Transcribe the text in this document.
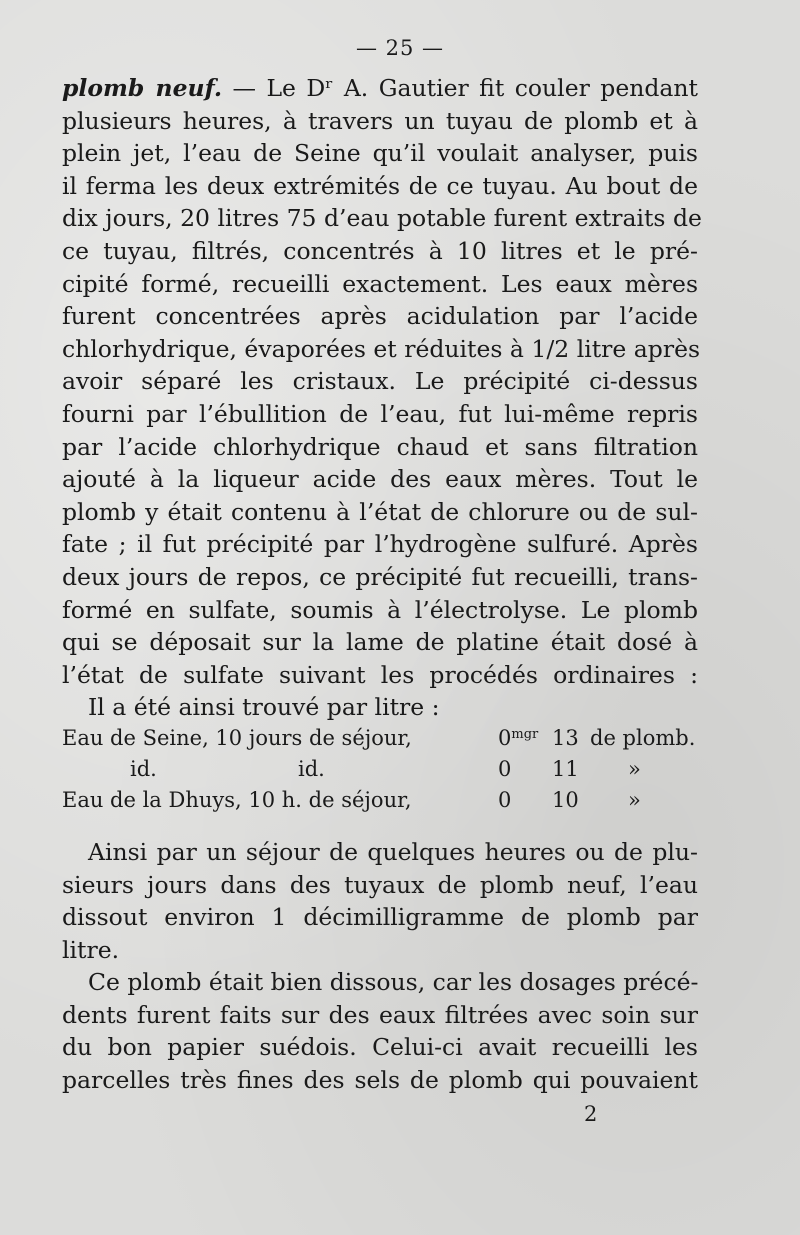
— 25 —
plomb neuf. — Le Dʳ A. Gautier fit couler pendant
plusieurs heures, à travers un tuyau de plomb et à
plein jet, l’eau de Seine qu’il voulait analyser, puis
il ferma les deux extrémités de ce tuyau. Au bout de
dix jours, 20 litres 75 d’eau potable furent extraits de
ce tuyau, filtrés, concentrés à 10 litres et le pré-
cipité formé, recueilli exactement. Les eaux mères
furent concentrées après acidulation par l’acide
chlorhydrique, évaporées et réduites à 1/2 litre après
avoir séparé les cristaux. Le précipité ci-dessus
fourni par l’ébullition de l’eau, fut lui-même repris
par l’acide chlorhydrique chaud et sans filtration
ajouté à la liqueur acide des eaux mères. Tout le
plomb y était contenu à l’état de chlorure ou de sul-
fate ; il fut précipité par l’hydrogène sulfuré. Après
deux jours de repos, ce précipité fut recueilli, trans-
formé en sulfate, soumis à l’électrolyse. Le plomb
qui se déposait sur la lame de platine était dosé à
l’état de sulfate suivant les procédés ordinaires :
Il a été ainsi trouvé par litre :
Eau de Seine, 10 jours de séjour,	$0^{mgr}$ 13 de plomb.
id.	id.	0 11 »
Eau de la Dhuys, 10 h. de séjour,	0 10 »
Ainsi par un séjour de quelques heures ou de plu-
sieurs jours dans des tuyaux de plomb neuf, l’eau
dissout environ 1 décimilligramme de plomb par
litre.
Ce plomb était bien dissous, car les dosages précé-
dents furent faits sur des eaux filtrées avec soin sur
du bon papier suédois. Celui-ci avait recueilli les
parcelles très fines des sels de plomb qui pouvaient
2
